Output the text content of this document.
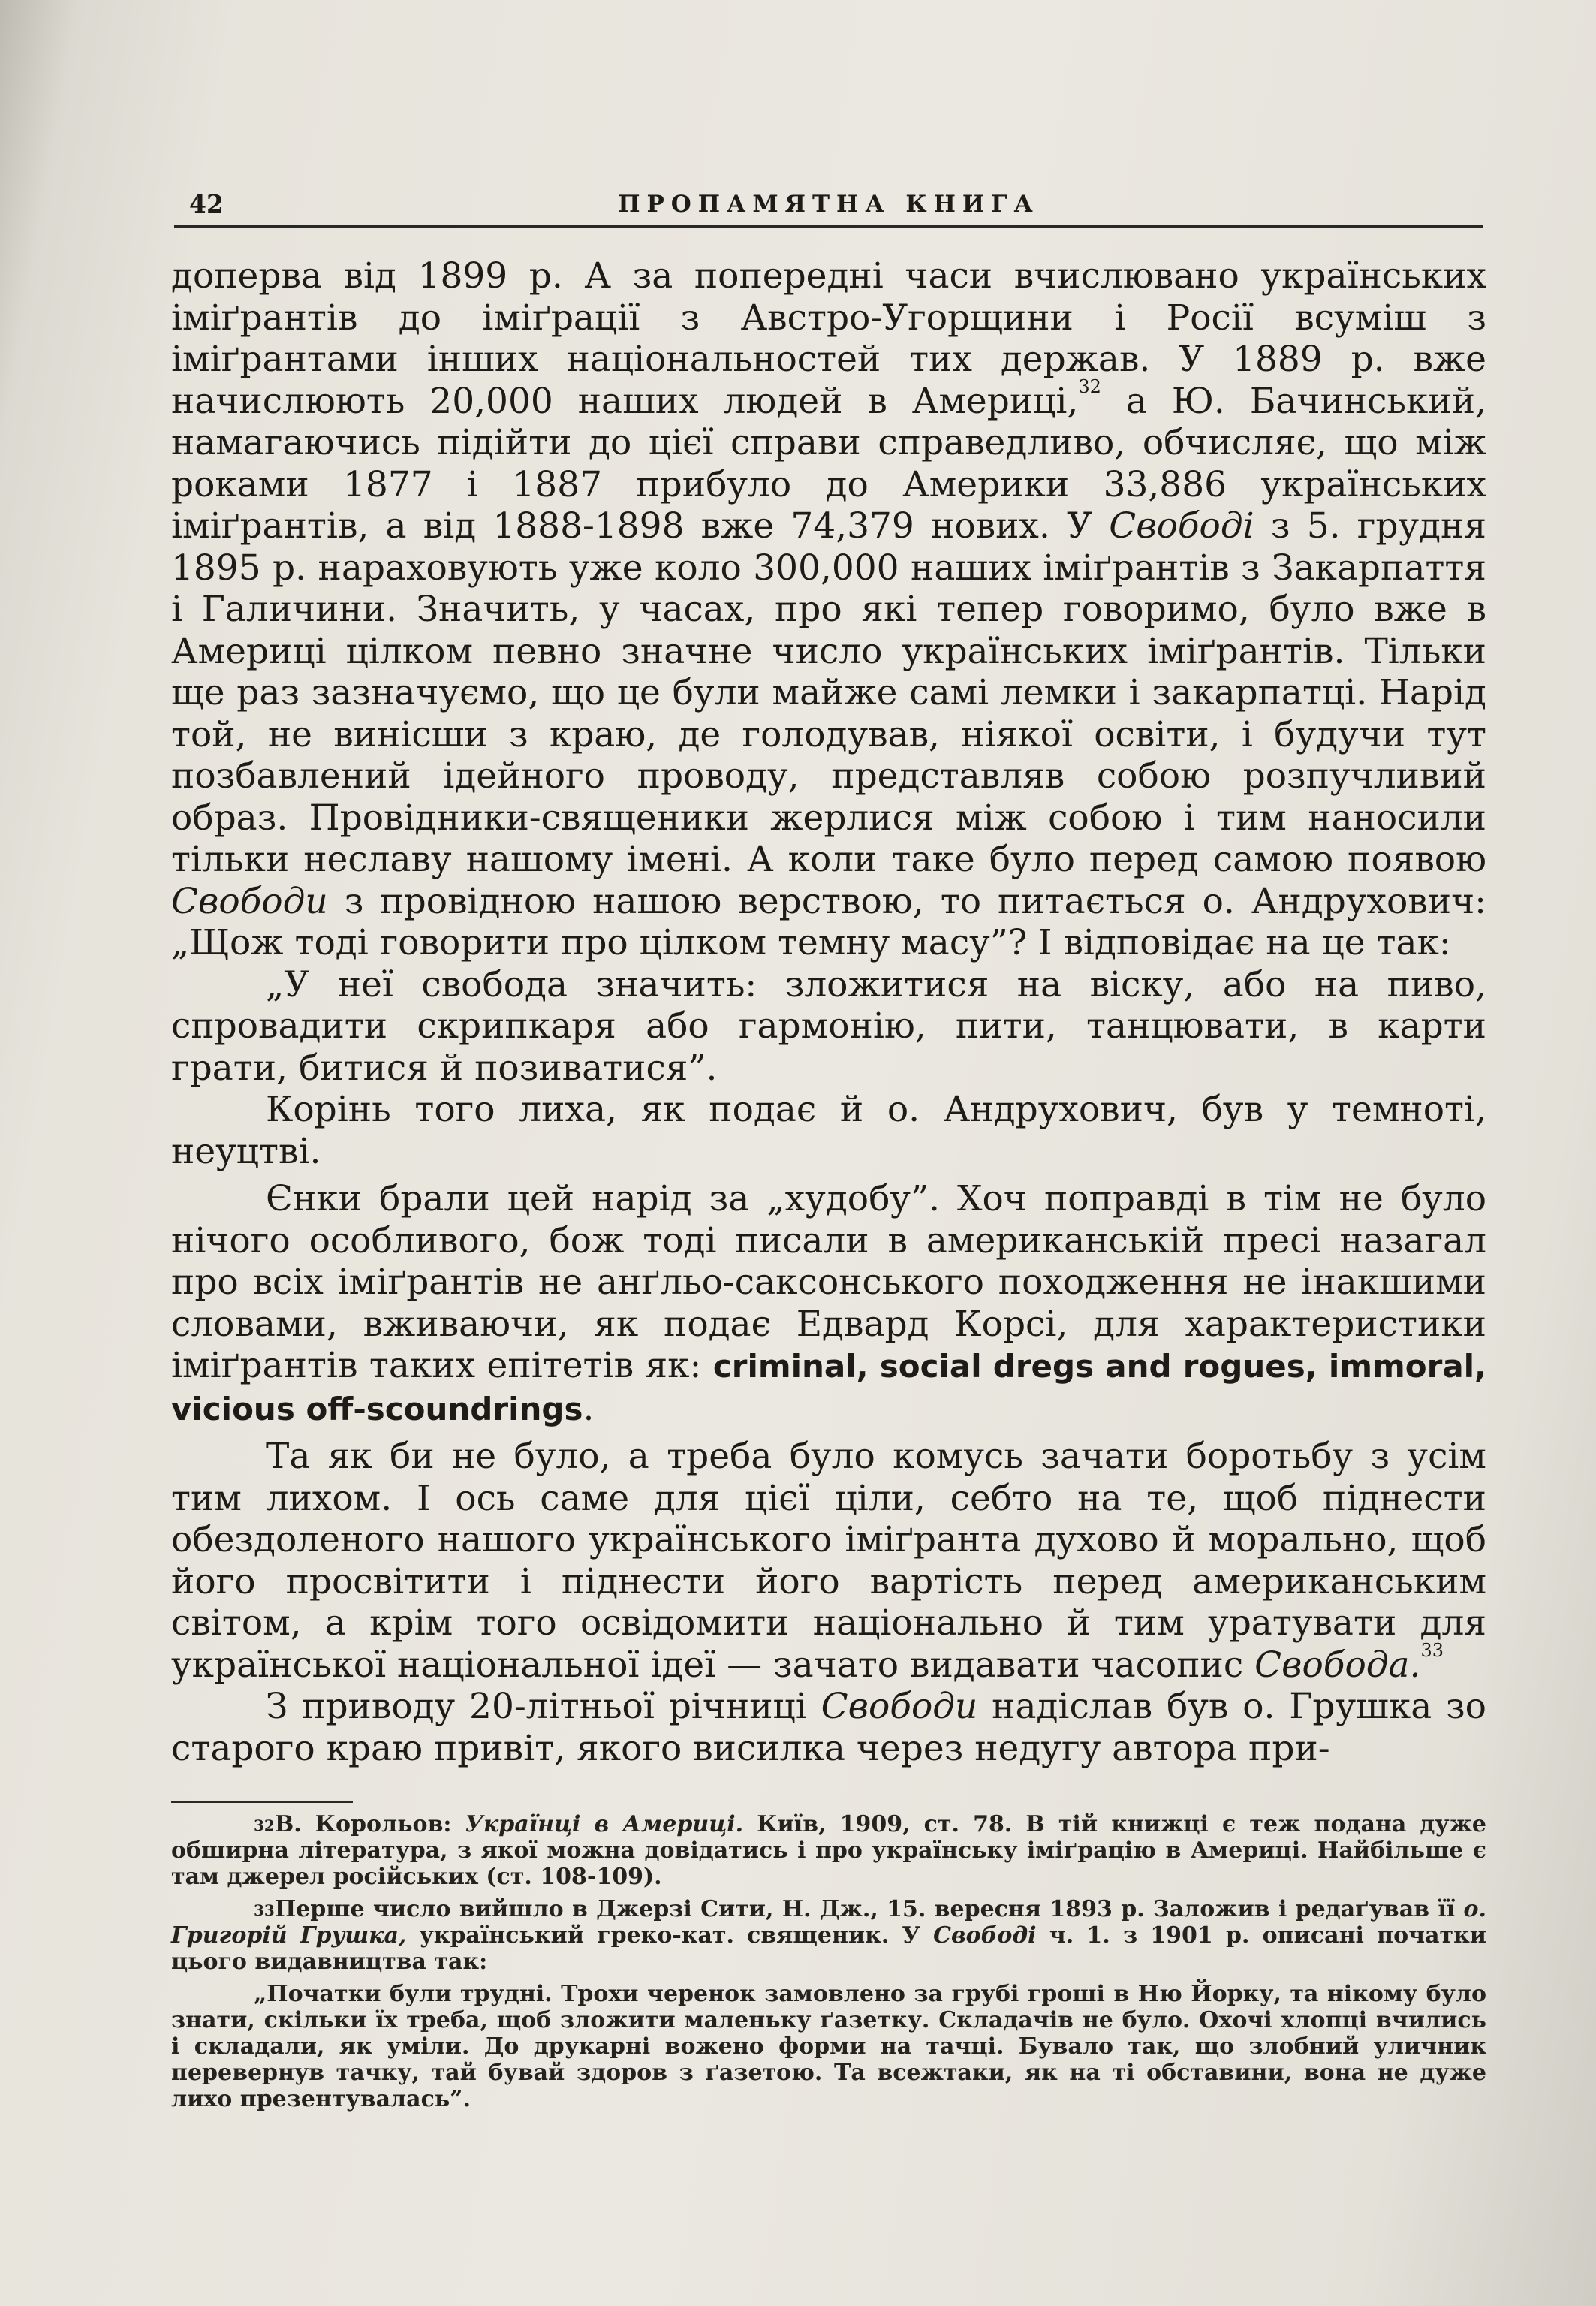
42	ПРОПАМЯТНА КНИГА

доперва від 1899 р. А за попередні часи вчислювано українських іміґрантів до іміґрації з Австро-Угорщини і Росії всуміш з іміґрантами інших національностей тих держав. У 1889 р. вже начислюють 20,000 наших людей в Америці,$^{32}$ а Ю. Бачинський, намагаючись підійти до цієї справи справедливо, обчисляє, що між роками 1877 і 1887 прибуло до Америки 33,886 українських іміґрантів, а від 1888-1898 вже 74,379 нових. У Свободі з 5. грудня 1895 р. нараховують уже коло 300,000 наших іміґрантів з Закарпаття і Галичини. Значить, у часах, про які тепер говоримо, було вже в Америці цілком певно значне число українських іміґрантів. Тільки ще раз зазначуємо, що це були майже самі лемки і закарпатці. Нарід той, не винісши з краю, де голодував, ніякої освіти, і будучи тут позбавлений ідейного проводу, представляв собою розпучливий образ. Провідники-священики жерлися між собою і тим наносили тільки неславу нашому імені. А коли таке було перед самою появою Свободи з провідною нашою верствою, то питається о. Андрухович: „Щож тоді говорити про цілком темну масу”? І відповідає на це так:

„У неї свобода значить: зложитися на віску, або на пиво, спровадити скрипкаря або гармонію, пити, танцювати, в карти грати, битися й позиватися”.

Корінь того лиха, як подає й о. Андрухович, був у темноті, неуцтві.

Єнки брали цей нарід за „худобу”. Хоч поправді в тім не було нічого особливого, бож тоді писали в американській пресі назагал про всіх іміґрантів не анґльо-саксонського походження не інакшими словами, вживаючи, як подає Едвард Корсі, для характеристики іміґрантів таких епітетів як: criminal, social dregs and rogues, immoral, vicious off-scoundrings.

Та як би не було, а треба було комусь зачати боротьбу з усім тим лихом. І ось саме для цієї ціли, себто на те, щоб піднести обездоленого нашого українського іміґранта духово й морально, щоб його просвітити і піднести його вартість перед американським світом, а крім того освідомити національно й тим уратувати для української національної ідеї — зачато видавати часопис Свобода.$^{33}$

З приводу 20-літньої річниці Свободи надіслав був о. Грушка зо старого краю привіт, якого висилка через недугу автора при-

$^{32}$В. Корольов: Українці в Америці. Київ, 1909, ст. 78. В тій книжці є теж подана дуже обширна література, з якої можна довідатись і про українську іміґрацію в Америці. Найбільше є там джерел російських (ст. 108-109).

$^{33}$Перше число вийшло в Джерзі Сити, Н. Дж., 15. вересня 1893 р. Заложив і редаґував її о. Григорій Грушка, український греко-кат. священик. У Свободі ч. 1. з 1901 р. описані початки цього видавництва так:

„Початки були трудні. Трохи черенок замовлено за грубі гроші в Ню Йорку, та нікому було знати, скільки їх треба, щоб зложити маленьку ґазетку. Складачів не було. Охочі хлопці вчились і складали, як уміли. До друкарні вожено форми на тачці. Бувало так, що злобний уличник перевернув тачку, тай бувай здоров з ґазетою. Та всежтаки, як на ті обставини, вона не дуже лихо презентувалась”.
